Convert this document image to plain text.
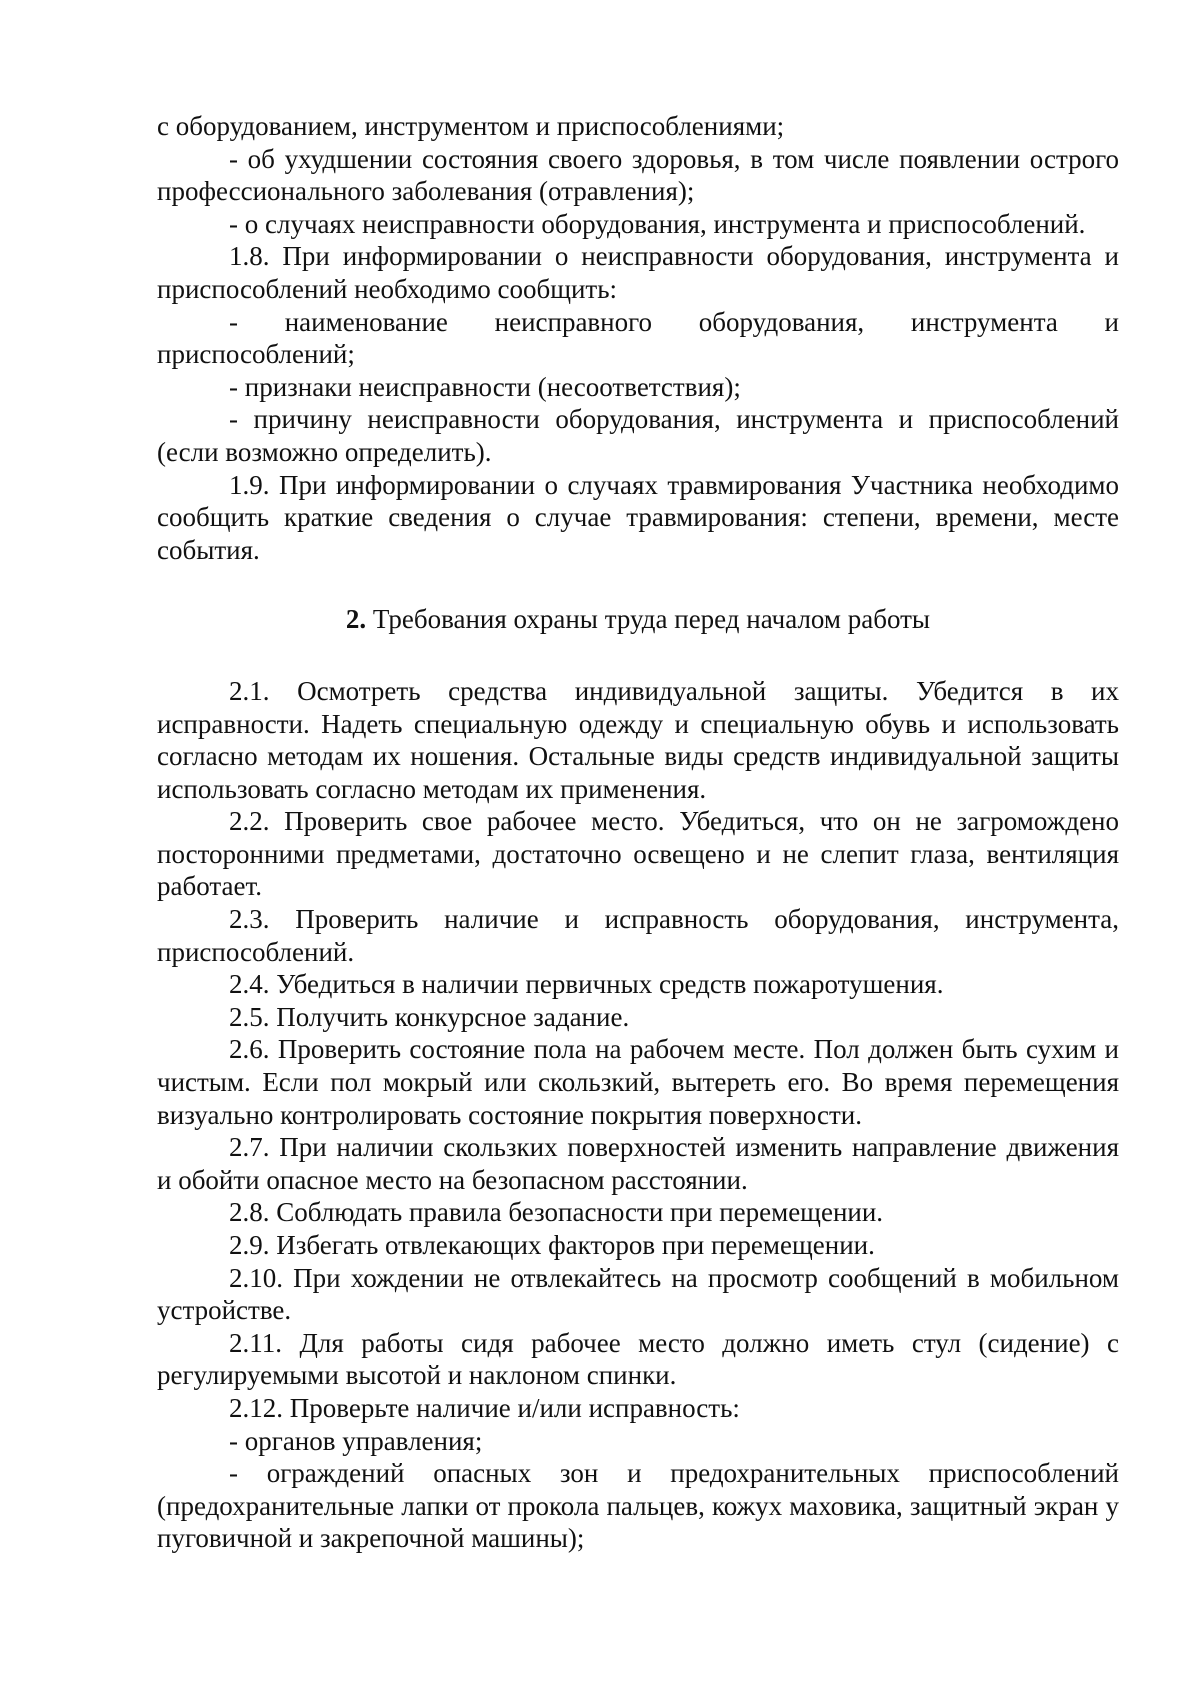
с оборудованием, инструментом и приспособлениями;

- об ухудшении состояния своего здоровья, в том числе появлении острого профессионального заболевания (отравления);

- о случаях неисправности оборудования, инструмента и приспособлений.

1.8. При информировании о неисправности оборудования, инструмента и приспособлений необходимо сообщить:

- наименование неисправного оборудования, инструмента и приспособлений;

- признаки неисправности (несоответствия);

- причину неисправности оборудования, инструмента и приспособлений (если возможно определить).

1.9. При информировании о случаях травмирования Участника необходимо сообщить краткие сведения о случае травмирования: степени, времени, месте события.

2. Требования охраны труда перед началом работы

2.1. Осмотреть средства индивидуальной защиты. Убедится в их исправности. Надеть специальную одежду и специальную обувь и использовать согласно методам их ношения. Остальные виды средств индивидуальной защиты использовать согласно методам их применения.

2.2. Проверить свое рабочее место. Убедиться, что он не загромождено посторонними предметами, достаточно освещено и не слепит глаза, вентиляция работает.

2.3. Проверить наличие и исправность оборудования, инструмента, приспособлений.

2.4. Убедиться в наличии первичных средств пожаротушения.

2.5. Получить конкурсное задание.

2.6. Проверить состояние пола на рабочем месте. Пол должен быть сухим и чистым. Если пол мокрый или скользкий, вытереть его. Во время перемещения визуально контролировать состояние покрытия поверхности.

2.7. При наличии скользких поверхностей изменить направление движения и обойти опасное место на безопасном расстоянии.

2.8. Соблюдать правила безопасности при перемещении.

2.9. Избегать отвлекающих факторов при перемещении.

2.10. При хождении не отвлекайтесь на просмотр сообщений в мобильном устройстве.

2.11. Для работы сидя рабочее место должно иметь стул (сидение) с регулируемыми высотой и наклоном спинки.

2.12. Проверьте наличие и/или исправность:

- органов управления;

- ограждений опасных зон и предохранительных приспособлений (предохранительные лапки от прокола пальцев, кожух маховика, защитный экран у пуговичной и закрепочной машины);
